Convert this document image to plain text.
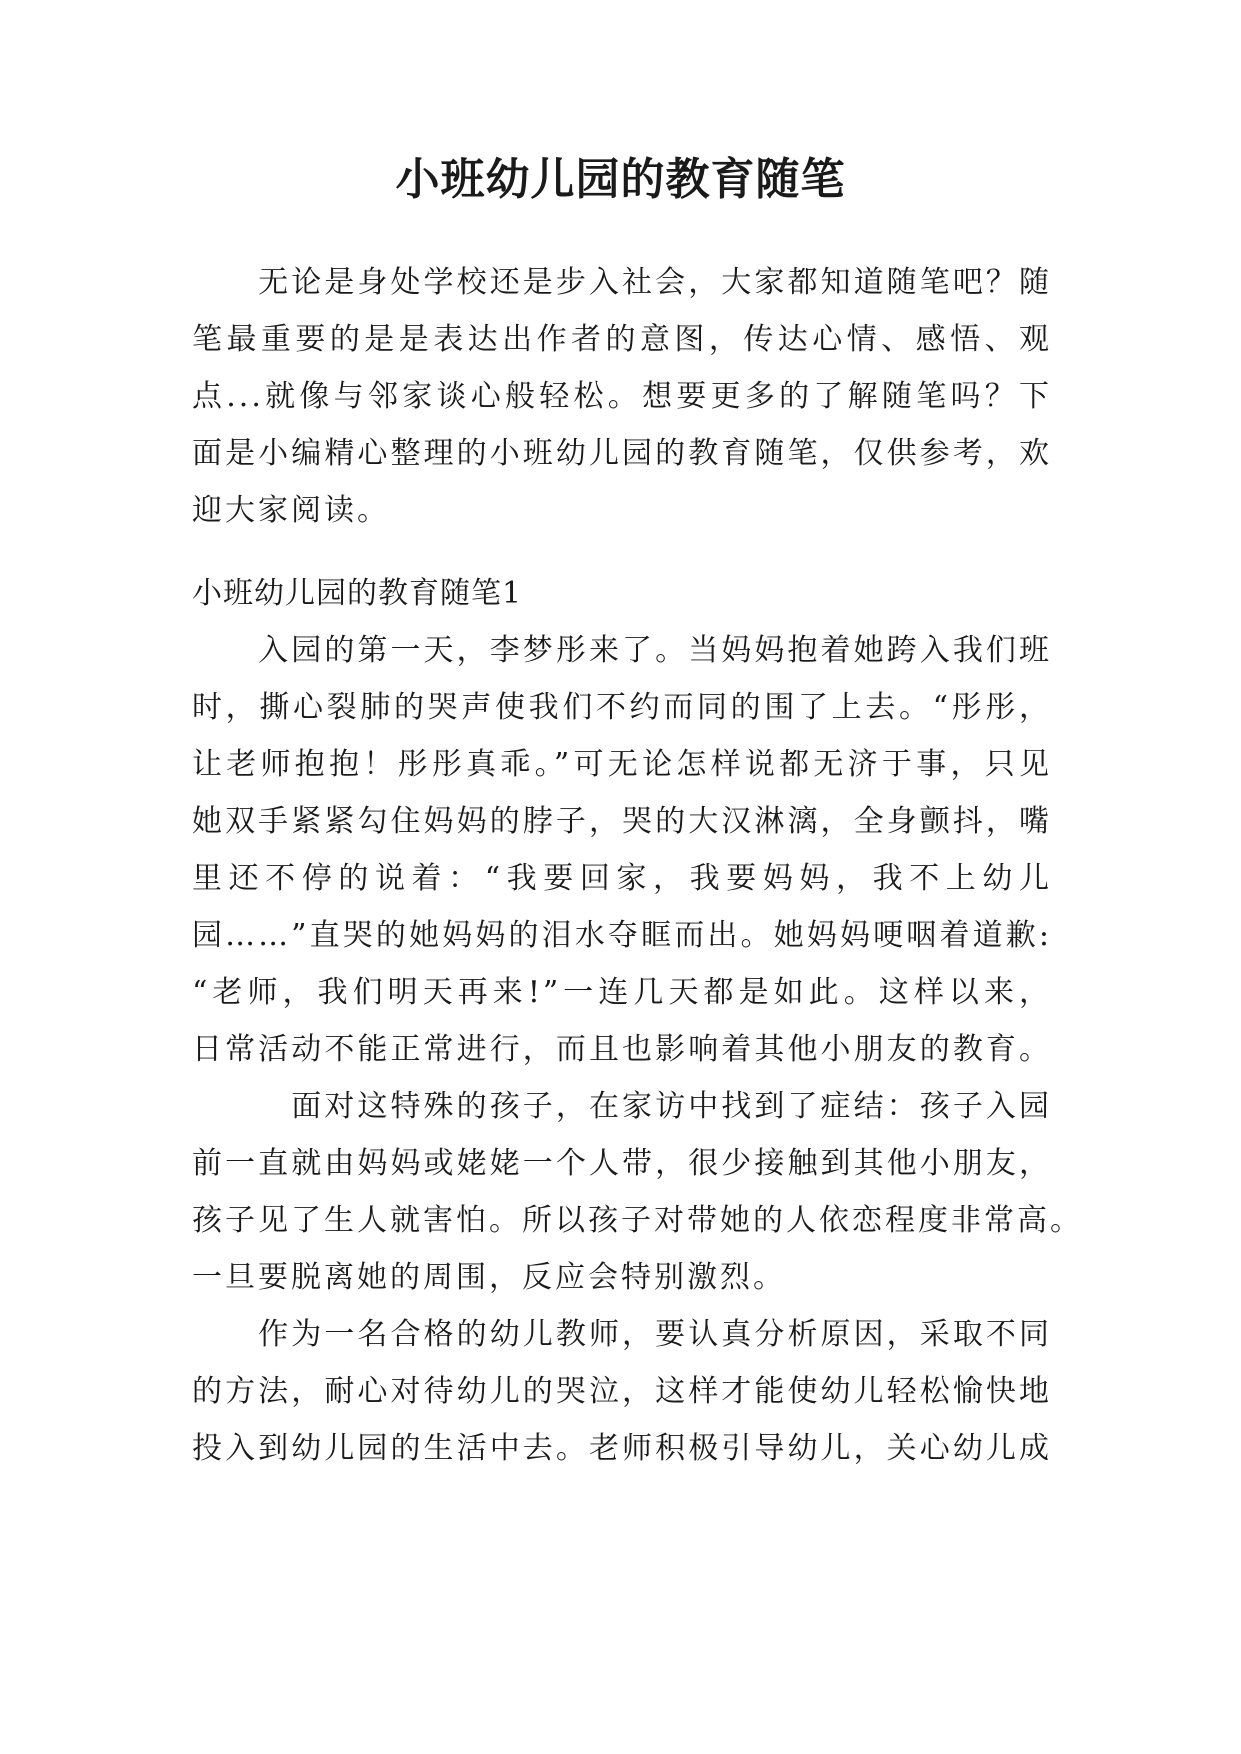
小班幼儿园的教育随笔
　　无论是身处学校还是步入社会，大家都知道随笔吧？随
笔最重要的是是表达出作者的意图，传达心情、感悟、观
点...就像与邻家谈心般轻松。想要更多的了解随笔吗？下
面是小编精心整理的小班幼儿园的教育随笔，仅供参考，欢
迎大家阅读。
小班幼儿园的教育随笔1
　　入园的第一天，李梦彤来了。当妈妈抱着她跨入我们班
时，撕心裂肺的哭声使我们不约而同的围了上去。“彤彤，
让老师抱抱！彤彤真乖。”可无论怎样说都无济于事，只见
她双手紧紧勾住妈妈的脖子，哭的大汉淋漓，全身颤抖，嘴
里还不停的说着：“我要回家，我要妈妈，我不上幼儿
园……”直哭的她妈妈的泪水夺眶而出。她妈妈哽咽着道歉:
“老师，我们明天再来!”一连几天都是如此。这样以来，
日常活动不能正常进行，而且也影响着其他小朋友的教育。
　　　面对这特殊的孩子，在家访中找到了症结：孩子入园
前一直就由妈妈或姥姥一个人带，很少接触到其他小朋友，
孩子见了生人就害怕。所以孩子对带她的人依恋程度非常高。
一旦要脱离她的周围，反应会特别激烈。
　　作为一名合格的幼儿教师，要认真分析原因，采取不同
的方法，耐心对待幼儿的哭泣，这样才能使幼儿轻松愉快地
投入到幼儿园的生活中去。老师积极引导幼儿，关心幼儿成
